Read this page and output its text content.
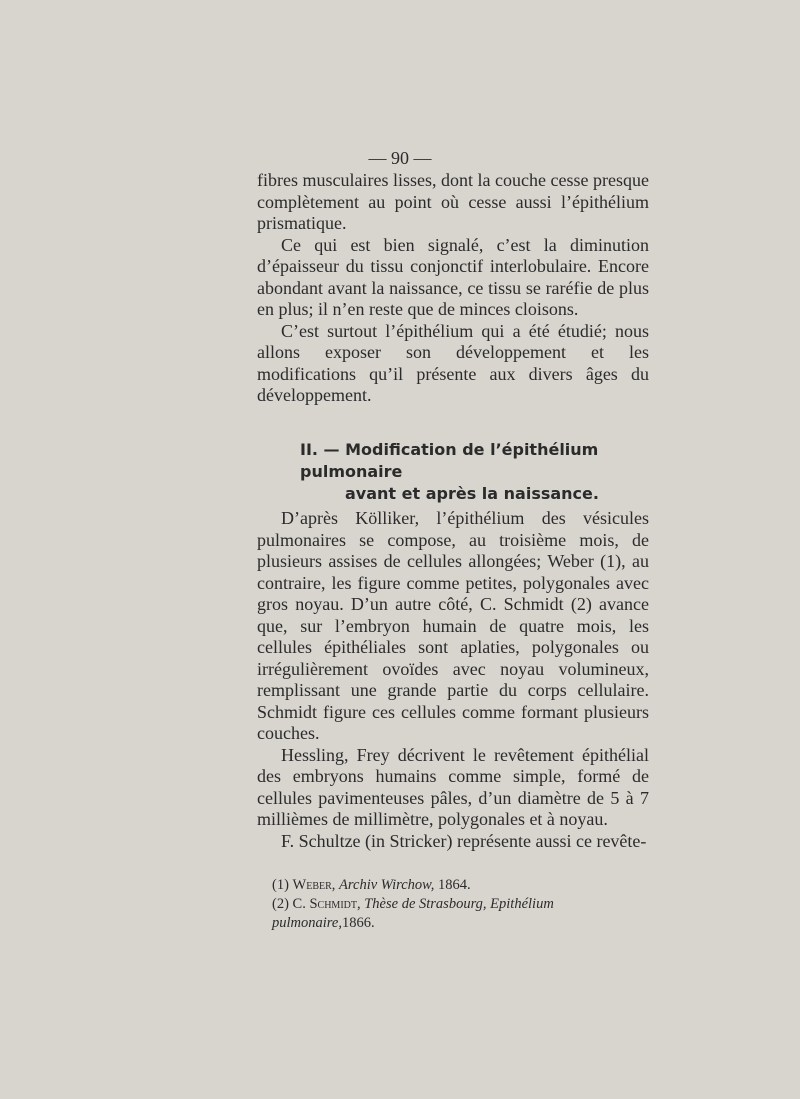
— 90 —

fibres musculaires lisses, dont la couche cesse presque complètement au point où cesse aussi l’épithélium prismatique.

Ce qui est bien signalé, c’est la diminution d’épaisseur du tissu conjonctif interlobulaire. Encore abondant avant la naissance, ce tissu se raréfie de plus en plus; il n’en reste que de minces cloisons.

C’est surtout l’épithélium qui a été étudié; nous allons exposer son développement et les modifications qu’il présente aux divers âges du développement.

II. — Modification de l’épithélium pulmonaire
avant et après la naissance.

D’après Kölliker, l’épithélium des vésicules pulmonaires se compose, au troisième mois, de plusieurs assises de cellules allongées; Weber (1), au contraire, les figure comme petites, polygonales avec gros noyau. D’un autre côté, C. Schmidt (2) avance que, sur l’embryon humain de quatre mois, les cellules épithéliales sont aplaties, polygonales ou irrégulièrement ovoïdes avec noyau volumineux, remplissant une grande partie du corps cellulaire. Schmidt figure ces cellules comme formant plusieurs couches.

Hessling, Frey décrivent le revêtement épithélial des embryons humains comme simple, formé de cellules pavimenteuses pâles, d’un diamètre de 5 à 7 millièmes de millimètre, polygonales et à noyau.

F. Schultze (in Stricker) représente aussi ce revête-

(1) Weber, Archiv Wirchow, 1864.

(2) C. Schmidt, Thèse de Strasbourg, Epithélium pulmonaire,1866.
